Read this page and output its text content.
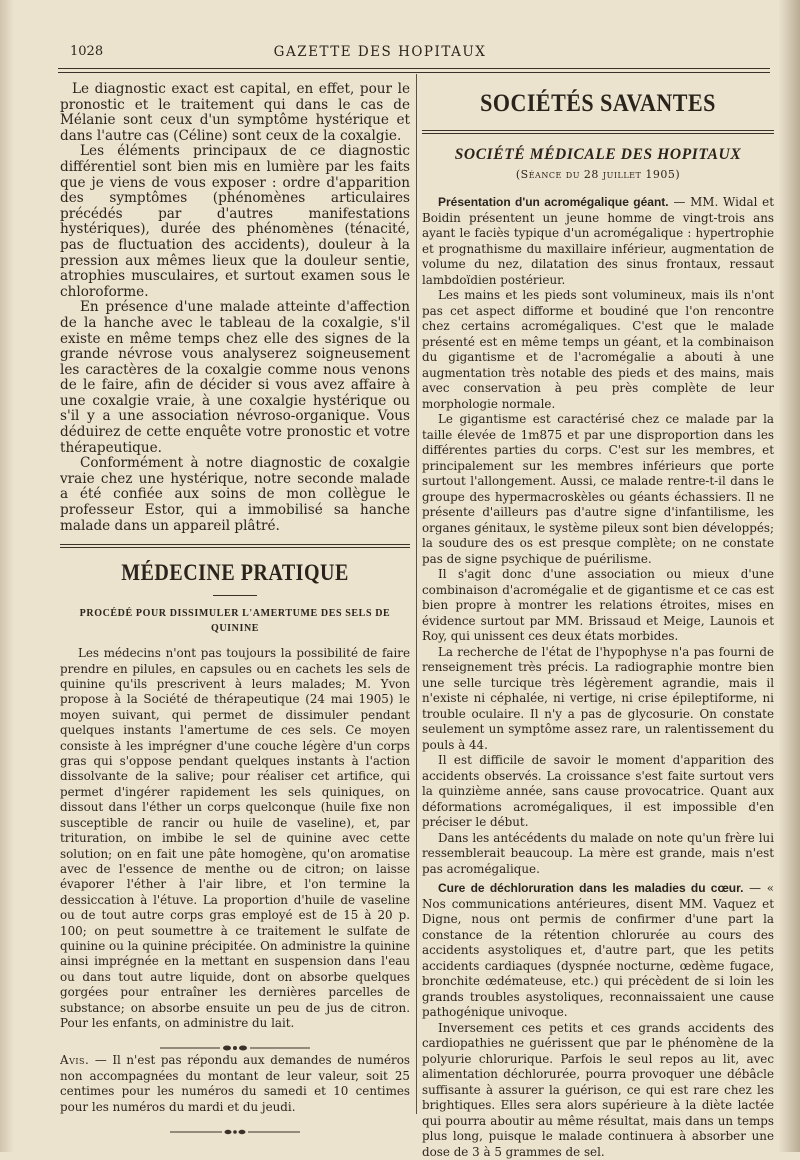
1028	GAZETTE DES HOPITAUX

Le diagnostic exact est capital, en effet, pour le pronostic et le traitement qui dans le cas de Mélanie sont ceux d'un symptôme hystérique et dans l'autre cas (Céline) sont ceux de la coxalgie.

Les éléments principaux de ce diagnostic différentiel sont bien mis en lumière par les faits que je viens de vous exposer : ordre d'apparition des symptômes (phénomènes articulaires précédés par d'autres manifestations hystériques), durée des phénomènes (ténacité, pas de fluctuation des accidents), douleur à la pression aux mêmes lieux que la douleur sentie, atrophies musculaires, et surtout examen sous le chloroforme.

En présence d'une malade atteinte d'affection de la hanche avec le tableau de la coxalgie, s'il existe en même temps chez elle des signes de la grande névrose vous analyserez soigneusement les caractères de la coxalgie comme nous venons de le faire, afin de décider si vous avez affaire à une coxalgie vraie, à une coxalgie hystérique ou s'il y a une association névroso-organique. Vous déduirez de cette enquête votre pronostic et votre thérapeutique.

Conformément à notre diagnostic de coxalgie vraie chez une hystérique, notre seconde malade a été confiée aux soins de mon collègue le professeur Estor, qui a immobilisé sa hanche malade dans un appareil plâtré.

MÉDECINE PRATIQUE
PROCÉDÉ POUR DISSIMULER L'AMERTUME DES SELS DE QUININE

Les médecins n'ont pas toujours la possibilité de faire prendre en pilules, en capsules ou en cachets les sels de quinine qu'ils prescrivent à leurs malades; M. Yvon propose à la Société de thérapeutique (24 mai 1905) le moyen suivant, qui permet de dissimuler pendant quelques instants l'amertume de ces sels. Ce moyen consiste à les imprégner d'une couche légère d'un corps gras qui s'oppose pendant quelques instants à l'action dissolvante de la salive; pour réaliser cet artifice, qui permet d'ingérer rapidement les sels quiniques, on dissout dans l'éther un corps quelconque (huile fixe non susceptible de rancir ou huile de vaseline), et, par trituration, on imbibe le sel de quinine avec cette solution; on en fait une pâte homogène, qu'on aromatise avec de l'essence de menthe ou de citron; on laisse évaporer l'éther à l'air libre, et l'on termine la dessiccation à l'étuve. La proportion d'huile de vaseline ou de tout autre corps gras employé est de 15 à 20 p. 100; on peut soumettre à ce traitement le sulfate de quinine ou la quinine précipitée. On administre la quinine ainsi imprégnée en la mettant en suspension dans l'eau ou dans tout autre liquide, dont on absorbe quelques gorgées pour entraîner les dernières parcelles de substance; on absorbe ensuite un peu de jus de citron. Pour les enfants, on administre du lait.

Avis. — Il n'est pas répondu aux demandes de numéros non accompagnées du montant de leur valeur, soit 25 centimes pour les numéros du samedi et 10 centimes pour les numéros du mardi et du jeudi.

SOCIÉTÉS SAVANTES
SOCIÉTÉ MÉDICALE DES HOPITAUX
(Séance du 28 juillet 1905)

Présentation d'un acromégalique géant. — MM. Widal et Boidin présentent un jeune homme de vingt-trois ans ayant le faciès typique d'un acromégalique : hypertrophie et prognathisme du maxillaire inférieur, augmentation de volume du nez, dilatation des sinus frontaux, ressaut lambdoïdien postérieur.

Les mains et les pieds sont volumineux, mais ils n'ont pas cet aspect difforme et boudiné que l'on rencontre chez certains acromégaliques. C'est que le malade présenté est en même temps un géant, et la combinaison du gigantisme et de l'acromégalie a abouti à une augmentation très notable des pieds et des mains, mais avec conservation à peu près complète de leur morphologie normale.

Le gigantisme est caractérisé chez ce malade par la taille élevée de 1m875 et par une disproportion dans les différentes parties du corps. C'est sur les membres, et principalement sur les membres inférieurs que porte surtout l'allongement. Aussi, ce malade rentre-t-il dans le groupe des hypermacroskèles ou géants échassiers. Il ne présente d'ailleurs pas d'autre signe d'infantilisme, les organes génitaux, le système pileux sont bien développés; la soudure des os est presque complète; on ne constate pas de signe psychique de puérilisme.

Il s'agit donc d'une association ou mieux d'une combinaison d'acromégalie et de gigantisme et ce cas est bien propre à montrer les relations étroites, mises en évidence surtout par MM. Brissaud et Meige, Launois et Roy, qui unissent ces deux états morbides.

La recherche de l'état de l'hypophyse n'a pas fourni de renseignement très précis. La radiographie montre bien une selle turcique très légèrement agrandie, mais il n'existe ni céphalée, ni vertige, ni crise épileptiforme, ni trouble oculaire. Il n'y a pas de glycosurie. On constate seulement un symptôme assez rare, un ralentissement du pouls à 44.

Il est difficile de savoir le moment d'apparition des accidents observés. La croissance s'est faite surtout vers la quinzième année, sans cause provocatrice. Quant aux déformations acromégaliques, il est impossible d'en préciser le début.

Dans les antécédents du malade on note qu'un frère lui ressemblerait beaucoup. La mère est grande, mais n'est pas acromégalique.

Cure de déchloruration dans les maladies du cœur. — « Nos communications antérieures, disent MM. Vaquez et Digne, nous ont permis de confirmer d'une part la constance de la rétention chlorurée au cours des accidents asystoliques et, d'autre part, que les petits accidents cardiaques (dyspnée nocturne, œdème fugace, bronchite œdémateuse, etc.) qui précèdent de si loin les grands troubles asystoliques, reconnaissaient une cause pathogénique univoque.

Inversement ces petits et ces grands accidents des cardiopathies ne guérissent que par le phénomène de la polyurie chlorurique. Parfois le seul repos au lit, avec alimentation déchlorurée, pourra provoquer une débâcle suffisante à assurer la guérison, ce qui est rare chez les brightiques. Elles sera alors supérieure à la diète lactée qui pourra aboutir au même résultat, mais dans un temps plus long, puisque le malade continuera à absorber une dose de 3 à 5 grammes de sel.
